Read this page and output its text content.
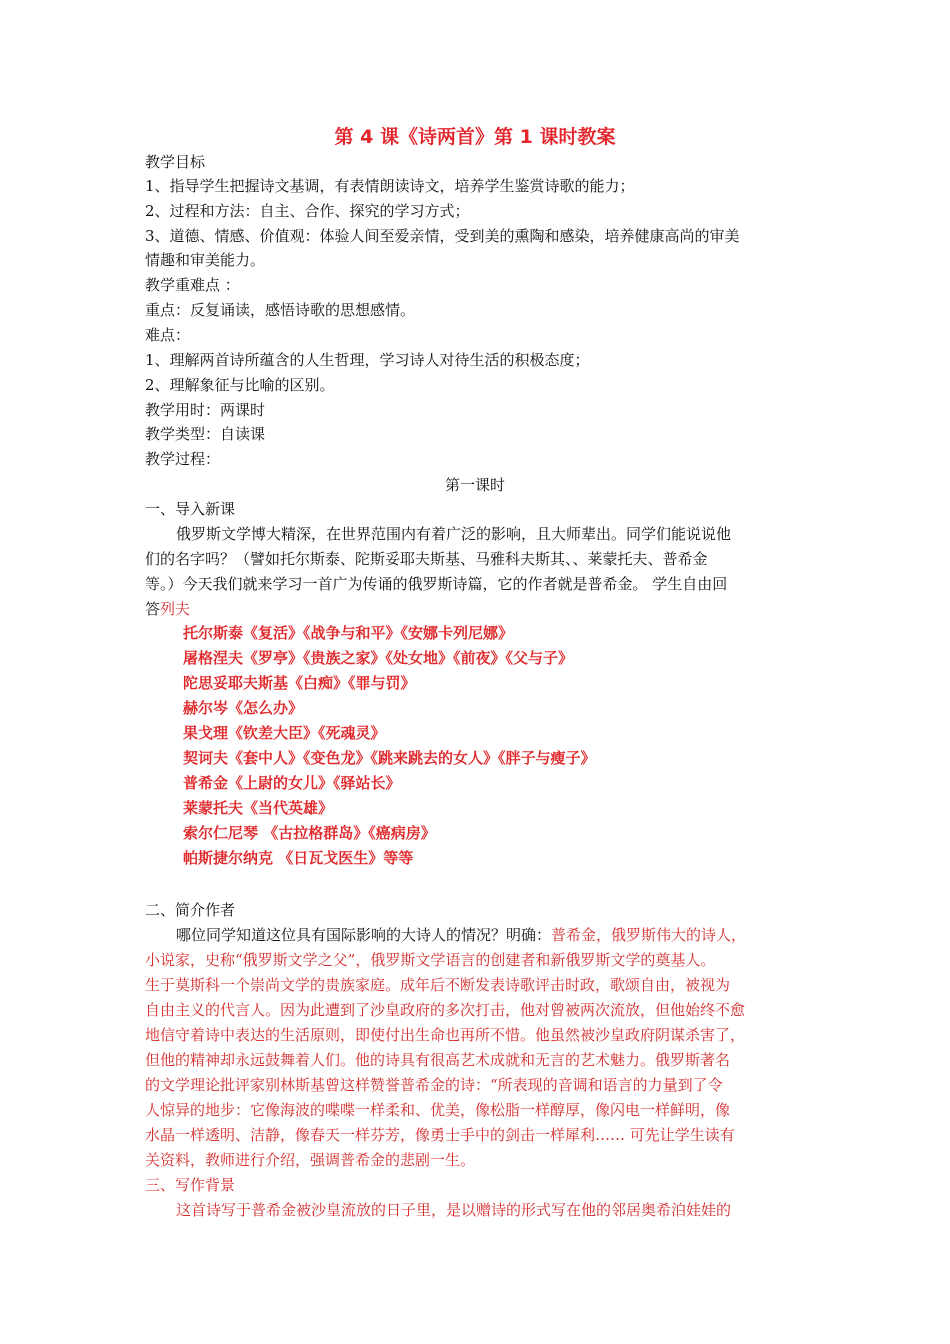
第 4 课《诗两首》第 1 课时教案
教学目标
1、指导学生把握诗文基调，有表情朗读诗文，培养学生鉴赏诗歌的能力；
2、过程和方法：自主、合作、探究的学习方式；
3、道德、情感、价值观：体验人间至爱亲情，受到美的熏陶和感染，培养健康高尚的审美
情趣和审美能力。
教学重难点 ：
重点：反复诵读，感悟诗歌的思想感情。
难点：
1、理解两首诗所蕴含的人生哲理，学习诗人对待生活的积极态度；
2、理解象征与比喻的区别。
教学用时：两课时
教学类型：自读课
教学过程：
第一课时
一、导入新课
俄罗斯文学博大精深，在世界范围内有着广泛的影响，且大师辈出。同学们能说说他
们的名字吗？（譬如托尔斯泰、陀斯妥耶夫斯基、马雅科夫斯其、、莱蒙托夫、普希金
等。）今天我们就来学习一首广为传诵的俄罗斯诗篇，它的作者就是普希金。 学生自由回
答列夫
托尔斯泰《复活》《战争与和平》《安娜卡列尼娜》
屠格涅夫《罗亭》《贵族之家》《处女地》《前夜》《父与子》
陀思妥耶夫斯基《白痴》《罪与罚》
赫尔岑《怎么办》
果戈理《钦差大臣》《死魂灵》
契诃夫《套中人》《变色龙》《跳来跳去的女人》《胖子与瘦子》
普希金《上尉的女儿》《驿站长》
莱蒙托夫《当代英雄》
索尔仁尼琴 《古拉格群岛》《癌病房》
帕斯捷尔纳克 《日瓦戈医生》等等
二、简介作者
哪位同学知道这位具有国际影响的大诗人的情况？明确：普希金，俄罗斯伟大的诗人，
小说家，史称“俄罗斯文学之父”，俄罗斯文学语言的创建者和新俄罗斯文学的奠基人。
生于莫斯科一个崇尚文学的贵族家庭。成年后不断发表诗歌评击时政，歌颂自由，被视为
自由主义的代言人。因为此遭到了沙皇政府的多次打击，他对曾被两次流放，但他始终不愈
地信守着诗中表达的生活原则，即使付出生命也再所不惜。他虽然被沙皇政府阴谋杀害了，
但他的精神却永远鼓舞着人们。他的诗具有很高艺术成就和无言的艺术魅力。俄罗斯著名
的文学理论批评家别林斯基曾这样赞誉普希金的诗：“所表现的音调和语言的力量到了令
人惊异的地步：它像海波的喋喋一样柔和、优美，像松脂一样醇厚，像闪电一样鲜明，像
水晶一样透明、洁静，像春天一样芬芳，像勇士手中的剑击一样犀利…… 可先让学生读有
关资料，教师进行介绍，强调普希金的悲剧一生。
三、写作背景
这首诗写于普希金被沙皇流放的日子里，是以赠诗的形式写在他的邻居奥希泊娃娃的
